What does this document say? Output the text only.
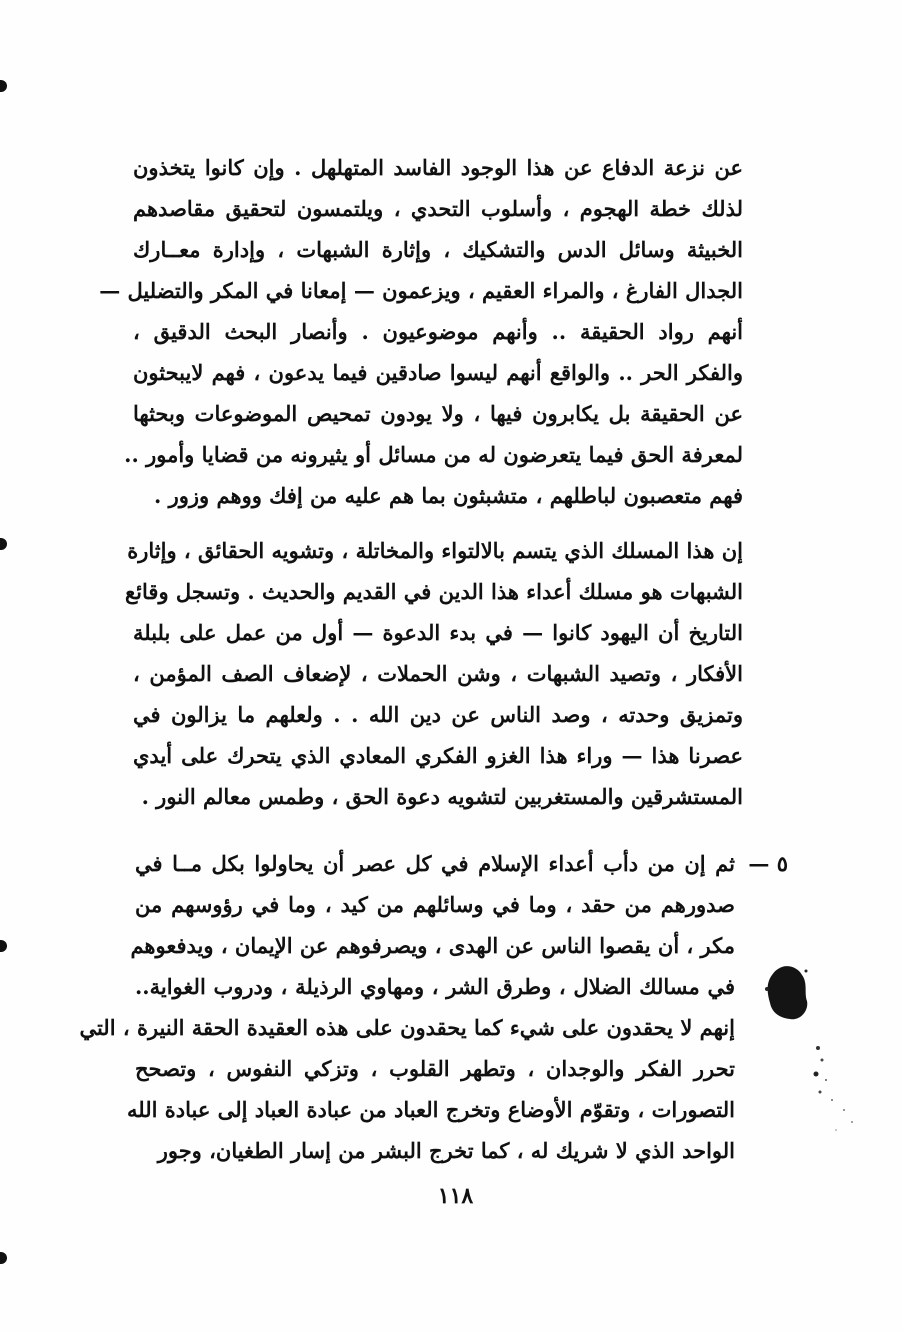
عن نزعة الدفاع عن هذا الوجود الفاسد المتهلهل . وإن كانوا يتخذون
لذلك خطة الهجوم ، وأسلوب التحدي ، ويلتمسون لتحقيق مقاصدهم
الخبيثة وسائل الدس والتشكيك ، وإثارة الشبهات ، وإدارة معــارك
الجدال الفارغ ، والمراء العقيم ، ويزعمون — إمعانا في المكر والتضليل —
أنهم رواد الحقيقة .. وأنهم موضوعيون . وأنصار البحث الدقيق ،
والفكر الحر .. والواقع أنهم ليسوا صادقين فيما يدعون ، فهم لايبحثون
عن الحقيقة بل يكابرون فيها ، ولا يودون تمحيص الموضوعات وبحثها
لمعرفة الحق فيما يتعرضون له من مسائل أو يثيرونه من قضايا وأمور ..
فهم متعصبون لباطلهم ، متشبثون بما هم عليه من إفك ووهم وزور .
إن هذا المسلك الذي يتسم بالالتواء والمخاتلة ، وتشويه الحقائق ، وإثارة
الشبهات هو مسلك أعداء هذا الدين في القديم والحديث . وتسجل وقائع
التاريخ أن اليهود كانوا — في بدء الدعوة — أول من عمل على بلبلة
الأفكار ، وتصيد الشبهات ، وشن الحملات ، لإضعاف الصف المؤمن ،
وتمزيق وحدته ، وصد الناس عن دين الله . . ولعلهم ما يزالون في
عصرنا هذا — وراء هذا الغزو الفكري المعادي الذي يتحرك على أيدي
المستشرقين والمستغربين لتشويه دعوة الحق ، وطمس معالم النور .
٥ —
ثم إن من دأب أعداء الإسلام في كل عصر أن يحاولوا بكل مــا في
صدورهم من حقد ، وما في وسائلهم من كيد ، وما في رؤوسهم من
مكر ، أن يقصوا الناس عن الهدى ، ويصرفوهم عن الإيمان ، ويدفعوهم
في مسالك الضلال ، وطرق الشر ، ومهاوي الرذيلة ، ودروب الغواية..
إنهم لا يحقدون على شيء كما يحقدون على هذه العقيدة الحقة النيرة ، التي
تحرر الفكر والوجدان ، وتطهر القلوب ، وتزكي النفوس ، وتصحح
التصورات ، وتقوّم الأوضاع وتخرج العباد من عبادة العباد إلى عبادة الله
الواحد الذي لا شريك له ، كما تخرج البشر من إسار الطغيان، وجور
١١٨
